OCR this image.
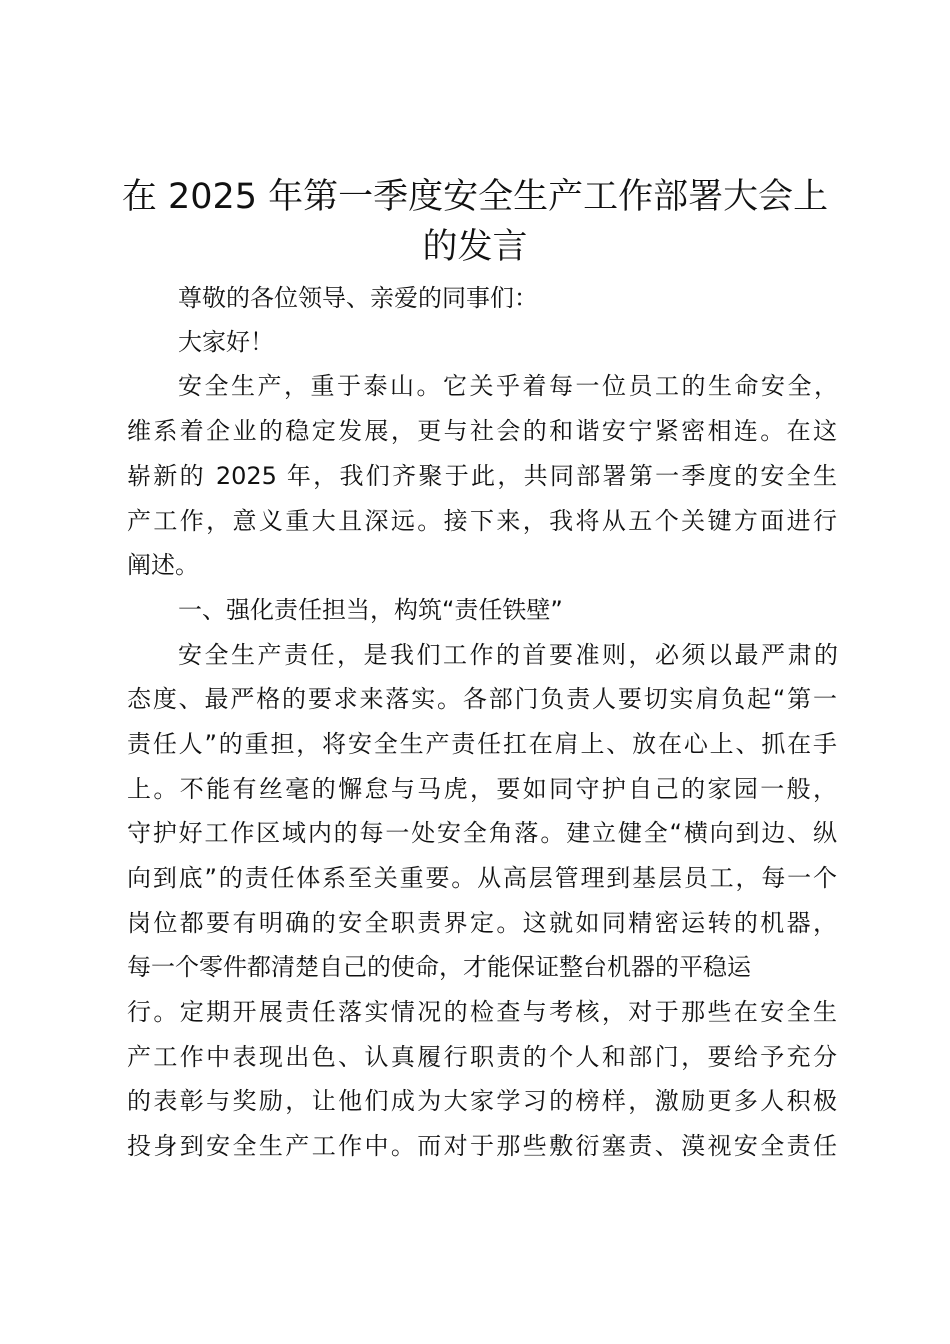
在 2025 年第一季度安全生产工作部署大会上
的发言

尊敬的各位领导、亲爱的同事们：

大家好！

安全生产，重于泰山。它关乎着每一位员工的生命安全，

维系着企业的稳定发展，更与社会的和谐安宁紧密相连。在这

崭新的 2025 年，我们齐聚于此，共同部署第一季度的安全生

产工作，意义重大且深远。接下来，我将从五个关键方面进行

阐述。

一、强化责任担当，构筑“责任铁壁”

安全生产责任，是我们工作的首要准则，必须以最严肃的

态度、最严格的要求来落实。各部门负责人要切实肩负起“第一

责任人”的重担，将安全生产责任扛在肩上、放在心上、抓在手

上。不能有丝毫的懈怠与马虎，要如同守护自己的家园一般，

守护好工作区域内的每一处安全角落。建立健全“横向到边、纵

向到底”的责任体系至关重要。从高层管理到基层员工，每一个

岗位都要有明确的安全职责界定。这就如同精密运转的机器，

每一个零件都清楚自己的使命，才能保证整台机器的平稳运

行。定期开展责任落实情况的检查与考核，对于那些在安全生

产工作中表现出色、认真履行职责的个人和部门，要给予充分

的表彰与奖励，让他们成为大家学习的榜样，激励更多人积极

投身到安全生产工作中。而对于那些敷衍塞责、漠视安全责任
